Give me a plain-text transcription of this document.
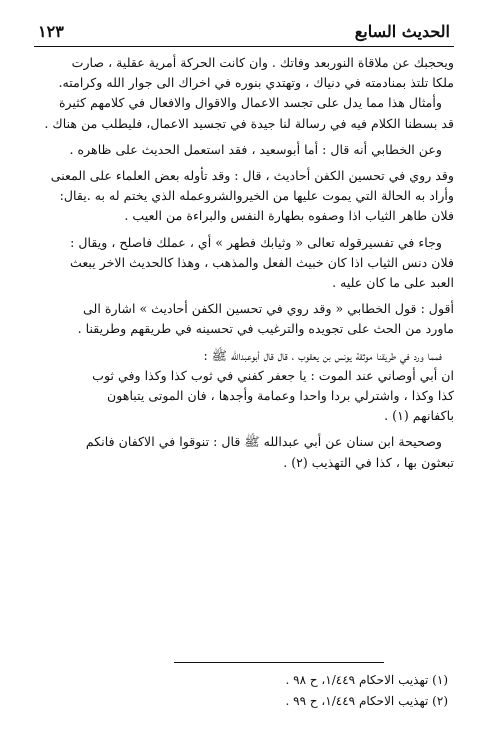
الحديث السابع
١٢٣

ويحجبك عن ملاقاة النوربعد وفاتك . وان كانت الحركة أمرية عقلية ، صارت

ملكا تلتذ بمنادمته في دنياك ، وتهتدي بنوره في اخراك الى جوار الله وكرامته.

وأمثال هذا مما يدل على تجسد الاعمال والاقوال والافعال في كلامهم كثيرة

قد بسطنا الكلام فيه في رسالة لنا جيدة في تجسيد الاعمال، فليطلب من هناك .

وعن الخطابي أنه قال : أما أبوسعيد ، فقد استعمل الحديث على ظاهره .

وقد روي في تحسين الكفن أحاديث ، قال : وقد تأوله بعض العلماء على المعنى

وأراد به الحالة التي يموت عليها من الخيروالشروعمله الذي يختم له به .يقال:

فلان طاهر الثياب اذا وصفوه بطهارة النفس والبراءة من العيب .

وجاء في تفسيرقوله تعالى « وثيابك فطهر » أي ، عملك فاصلح ، ويقال :

فلان دنس الثياب اذا كان خبيث الفعل والمذهب ، وهذا كالحديث الاخر يبعث

العبد على ما كان عليه .

أقول : قول الخطابي « وقد روي في تحسين الكفن أحاديث » اشارة الى

ماورد من الحث على تجويده والترغيب في تحسينه في طريقهم وطريقنا .

فمما ورد في طريقنا موثقة يونس بن يعقوب ، قال قال أبوعبدالله ﷺ :

ان أبي أوصاني عند الموت : يا جعفر كفني في ثوب كذا وكذا وفي ثوب

كذا وكذا ، واشترلي بردا واحدا وعمامة وأجدها ، فان الموتى يتباهون

باكفانهم (١) .

وصحيحة ابن سنان عن أبي عبدالله ﷺ قال : تنوقوا في الاكفان فانكم

تبعثون بها ، كذا في التهذيب (٢) .

(١) تهذيب الاحكام ١/٤٤٩، ح ٩٨ .
(٢) تهذيب الاحكام ١/٤٤٩، ح ٩٩ .
